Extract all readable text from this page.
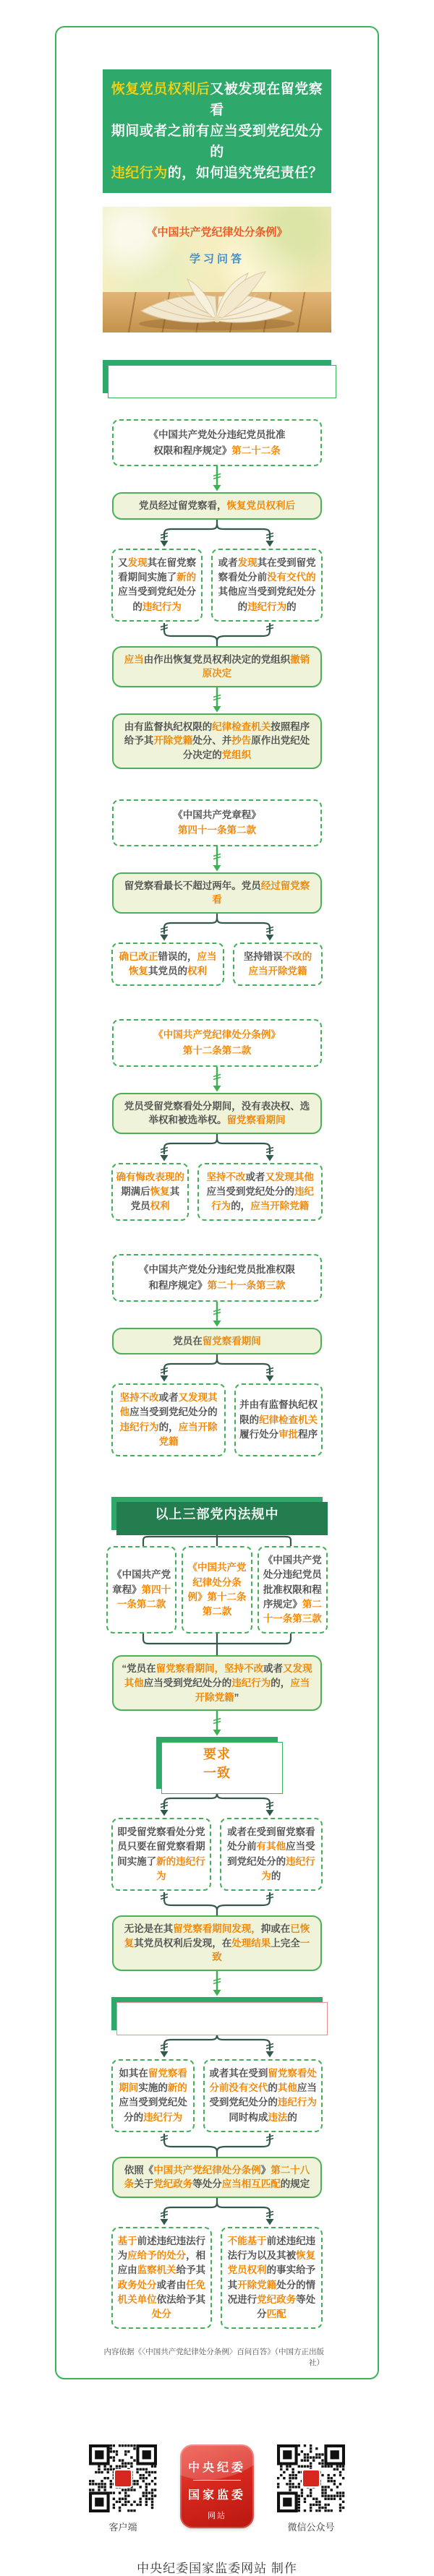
恢复党员权利后又被发现在留党察看
期间或者之前有应当受到党纪处分的
违纪行为的，如何追究党纪责任？
《中国共产党纪律处分条例》
学习问答
相关党内法规规定
《中国共产党处分违纪党员批准
权限和程序规定》第二十二条
党员经过留党察看，恢复党员权利后
又发现其在留党察看期间实施了新的应当受到党纪处分的违纪行为
或者发现其在受到留党察看处分前没有交代的其他应当受到党纪处分的违纪行为的
应当由作出恢复党员权利决定的党组织撤销原决定
由有监督执纪权限的纪律检查机关按照程序给予其开除党籍处分、并抄告原作出党纪处分决定的党组织
《中国共产党章程》
第四十一条第二款
留党察看最长不超过两年。党员经过留党察看
确已改正错误的，应当恢复其党员的权利
坚持错误不改的
应当开除党籍
《中国共产党纪律处分条例》
第十二条第二款
党员受留党察看处分期间，没有表决权、选举权和被选举权。留党察看期间
确有悔改表现的
期满后恢复其
党员权利
坚持不改或者又发现其他应当受到党纪处分的违纪行为的，应当开除党籍
《中国共产党处分违纪党员批准权限
和程序规定》第二十一条第三款
党员在留党察看期间
坚持不改或者又发现其他应当受到党纪处分的违纪行为的，应当开除党籍
并由有监督执纪权限的纪律检查机关履行处分审批程序
以上三部党内法规中
《中国共产党章程》第四十一条第二款
《中国共产党纪律处分条例》第十二条第二款
《中国共产党处分违纪党员批准权限和程序规定》第二十一条第三款
“党员在留党察看期间，坚持不改或者又发现其他应当受到党纪处分的违纪行为的，应当开除党籍”
规定在要求上完全一致
即受留党察看处分党员只要在留党察看期间实施了新的违纪行为
或者在受到留党察看处分前有其他应当受到党纪处分的违纪行为的
无论是在其留党察看期间发现，抑或在已恢复其党员权利后发现，在处理结果上完全一致
需要指出的是 此种情形下
如其在留党察看期间实施的新的应当受到党纪处分的违纪行为
或者其在受到留党察看处分前没有交代的其他应当受到党纪处分的违纪行为同时构成违法的
依照《中国共产党纪律处分条例》第二十八条关于党纪政务等处分应当相互匹配的规定
基于前述违纪违法行为应给予的处分，相应由监察机关给予其政务处分或者由任免机关单位依法给予其处分
不能基于前述违纪违法行为以及其被恢复党员权利的事实给予其开除党籍处分的情况进行党纪政务等处分匹配
内容依据《〈中国共产党纪律处分条例〉百问百答》（中国方正出版社）
客户端
中央纪委
国家监委
网站
微信公众号
中央纪委国家监委网站 制作
